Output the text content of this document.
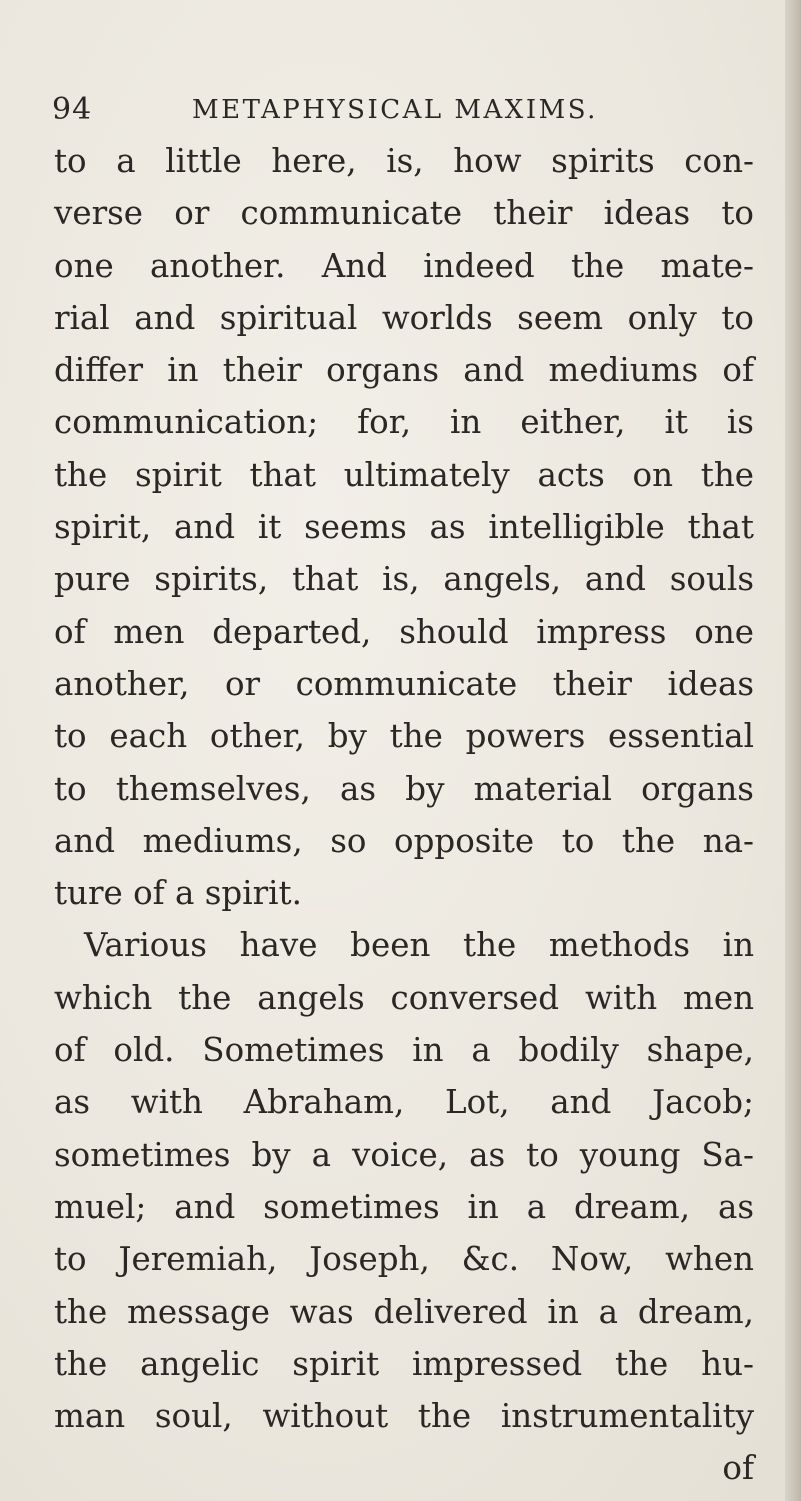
94	METAPHYSICAL MAXIMS.
to a little here, is, how spirits con-
verse or communicate their ideas to
one another. And indeed the mate-
rial and spiritual worlds seem only to
differ in their organs and mediums of
communication; for, in either, it is
the spirit that ultimately acts on the
spirit, and it seems as intelligible that
pure spirits, that is, angels, and souls
of men departed, should impress one
another, or communicate their ideas
to each other, by the powers essential
to themselves, as by material organs
and mediums, so opposite to the na-
ture of a spirit.
Various have been the methods in
which the angels conversed with men
of old. Sometimes in a bodily shape,
as with Abraham, Lot, and Jacob;
sometimes by a voice, as to young Sa-
muel; and sometimes in a dream, as
to Jeremiah, Joseph, &c. Now, when
the message was delivered in a dream,
the angelic spirit impressed the hu-
man soul, without the instrumentality
of
